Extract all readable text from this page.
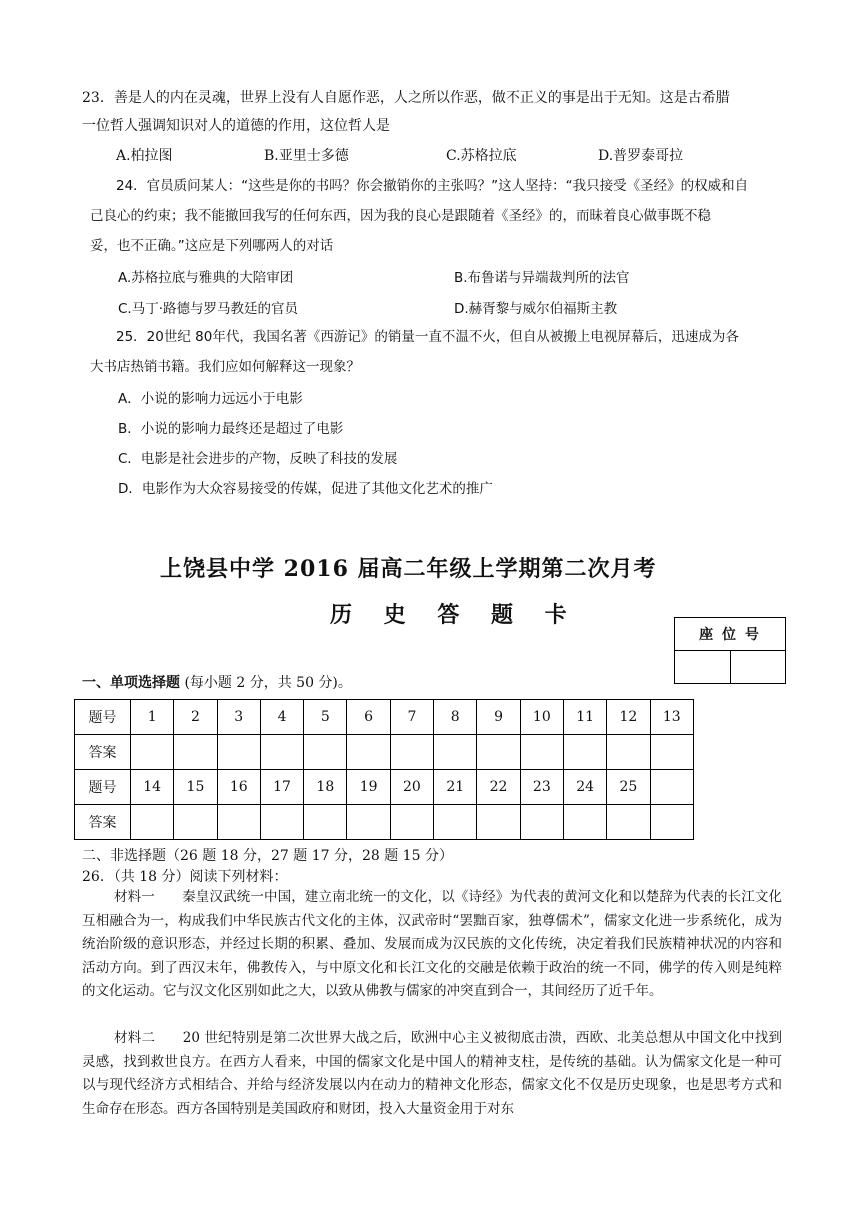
23．善是人的内在灵魂，世界上没有人自愿作恶，人之所以作恶，做不正义的事是出于无知。这是古希腊
一位哲人强调知识对人的道德的作用，这位哲人是
A.柏拉图	B.亚里士多德	C.苏格拉底	D.普罗泰哥拉
24．官员质问某人：“这些是你的书吗？你会撤销你的主张吗？”这人坚持：“我只接受《圣经》的权威和自
己良心的约束；我不能撤回我写的任何东西，因为我的良心是跟随着《圣经》的，而昧着良心做事既不稳
妥，也不正确。”这应是下列哪两人的对话
A.苏格拉底与雅典的大陪审团	B.布鲁诺与异端裁判所的法官
C.马丁·路德与罗马教廷的官员	D.赫胥黎与威尔伯福斯主教
25．20世纪 80年代，我国名著《西游记》的销量一直不温不火，但自从被搬上电视屏幕后，迅速成为各
大书店热销书籍。我们应如何解释这一现象？
A．小说的影响力远远小于电影
B．小说的影响力最终还是超过了电影
C．电影是社会进步的产物，反映了科技的发展
D．电影作为大众容易接受的传媒，促进了其他文化艺术的推广
上饶县中学 2016 届高二年级上学期第二次月考
历 史 答 题 卡
座 位 号

一、单项选择题 (每小题 2 分，共 50 分)。
题号	1	2	3	4	5	6	7	8	9	10	11	12	13
答案													
题号	14	15	16	17	18	19	20	21	22	23	24	25	
答案													
二、非选择题（26 题 18 分，27 题 17 分，28 题 15 分）
26．（共 18 分）阅读下列材料：
材料一　　秦皇汉武统一中国，建立南北统一的文化，以《诗经》为代表的黄河文化和以楚辞为代表的长江文化互相融合为一，构成我们中华民族古代文化的主体，汉武帝时“罢黜百家，独尊儒术”，儒家文化进一步系统化，成为统治阶级的意识形态，并经过长期的积累、叠加、发展而成为汉民族的文化传统，决定着我们民族精神状况的内容和活动方向。到了西汉末年，佛教传入，与中原文化和长江文化的交融是依赖于政治的统一不同，佛学的传入则是纯粹的文化运动。它与汉文化区别如此之大，以致从佛教与儒家的冲突直到合一，其间经历了近千年。
材料二　　20 世纪特别是第二次世界大战之后，欧洲中心主义被彻底击溃，西欧、北美总想从中国文化中找到灵感，找到救世良方。在西方人看来，中国的儒家文化是中国人的精神支柱，是传统的基础。认为儒家文化是一种可以与现代经济方式相结合、并给与经济发展以内在动力的精神文化形态，儒家文化不仅是历史现象，也是思考方式和生命存在形态。西方各国特别是美国政府和财团，投入大量资金用于对东
